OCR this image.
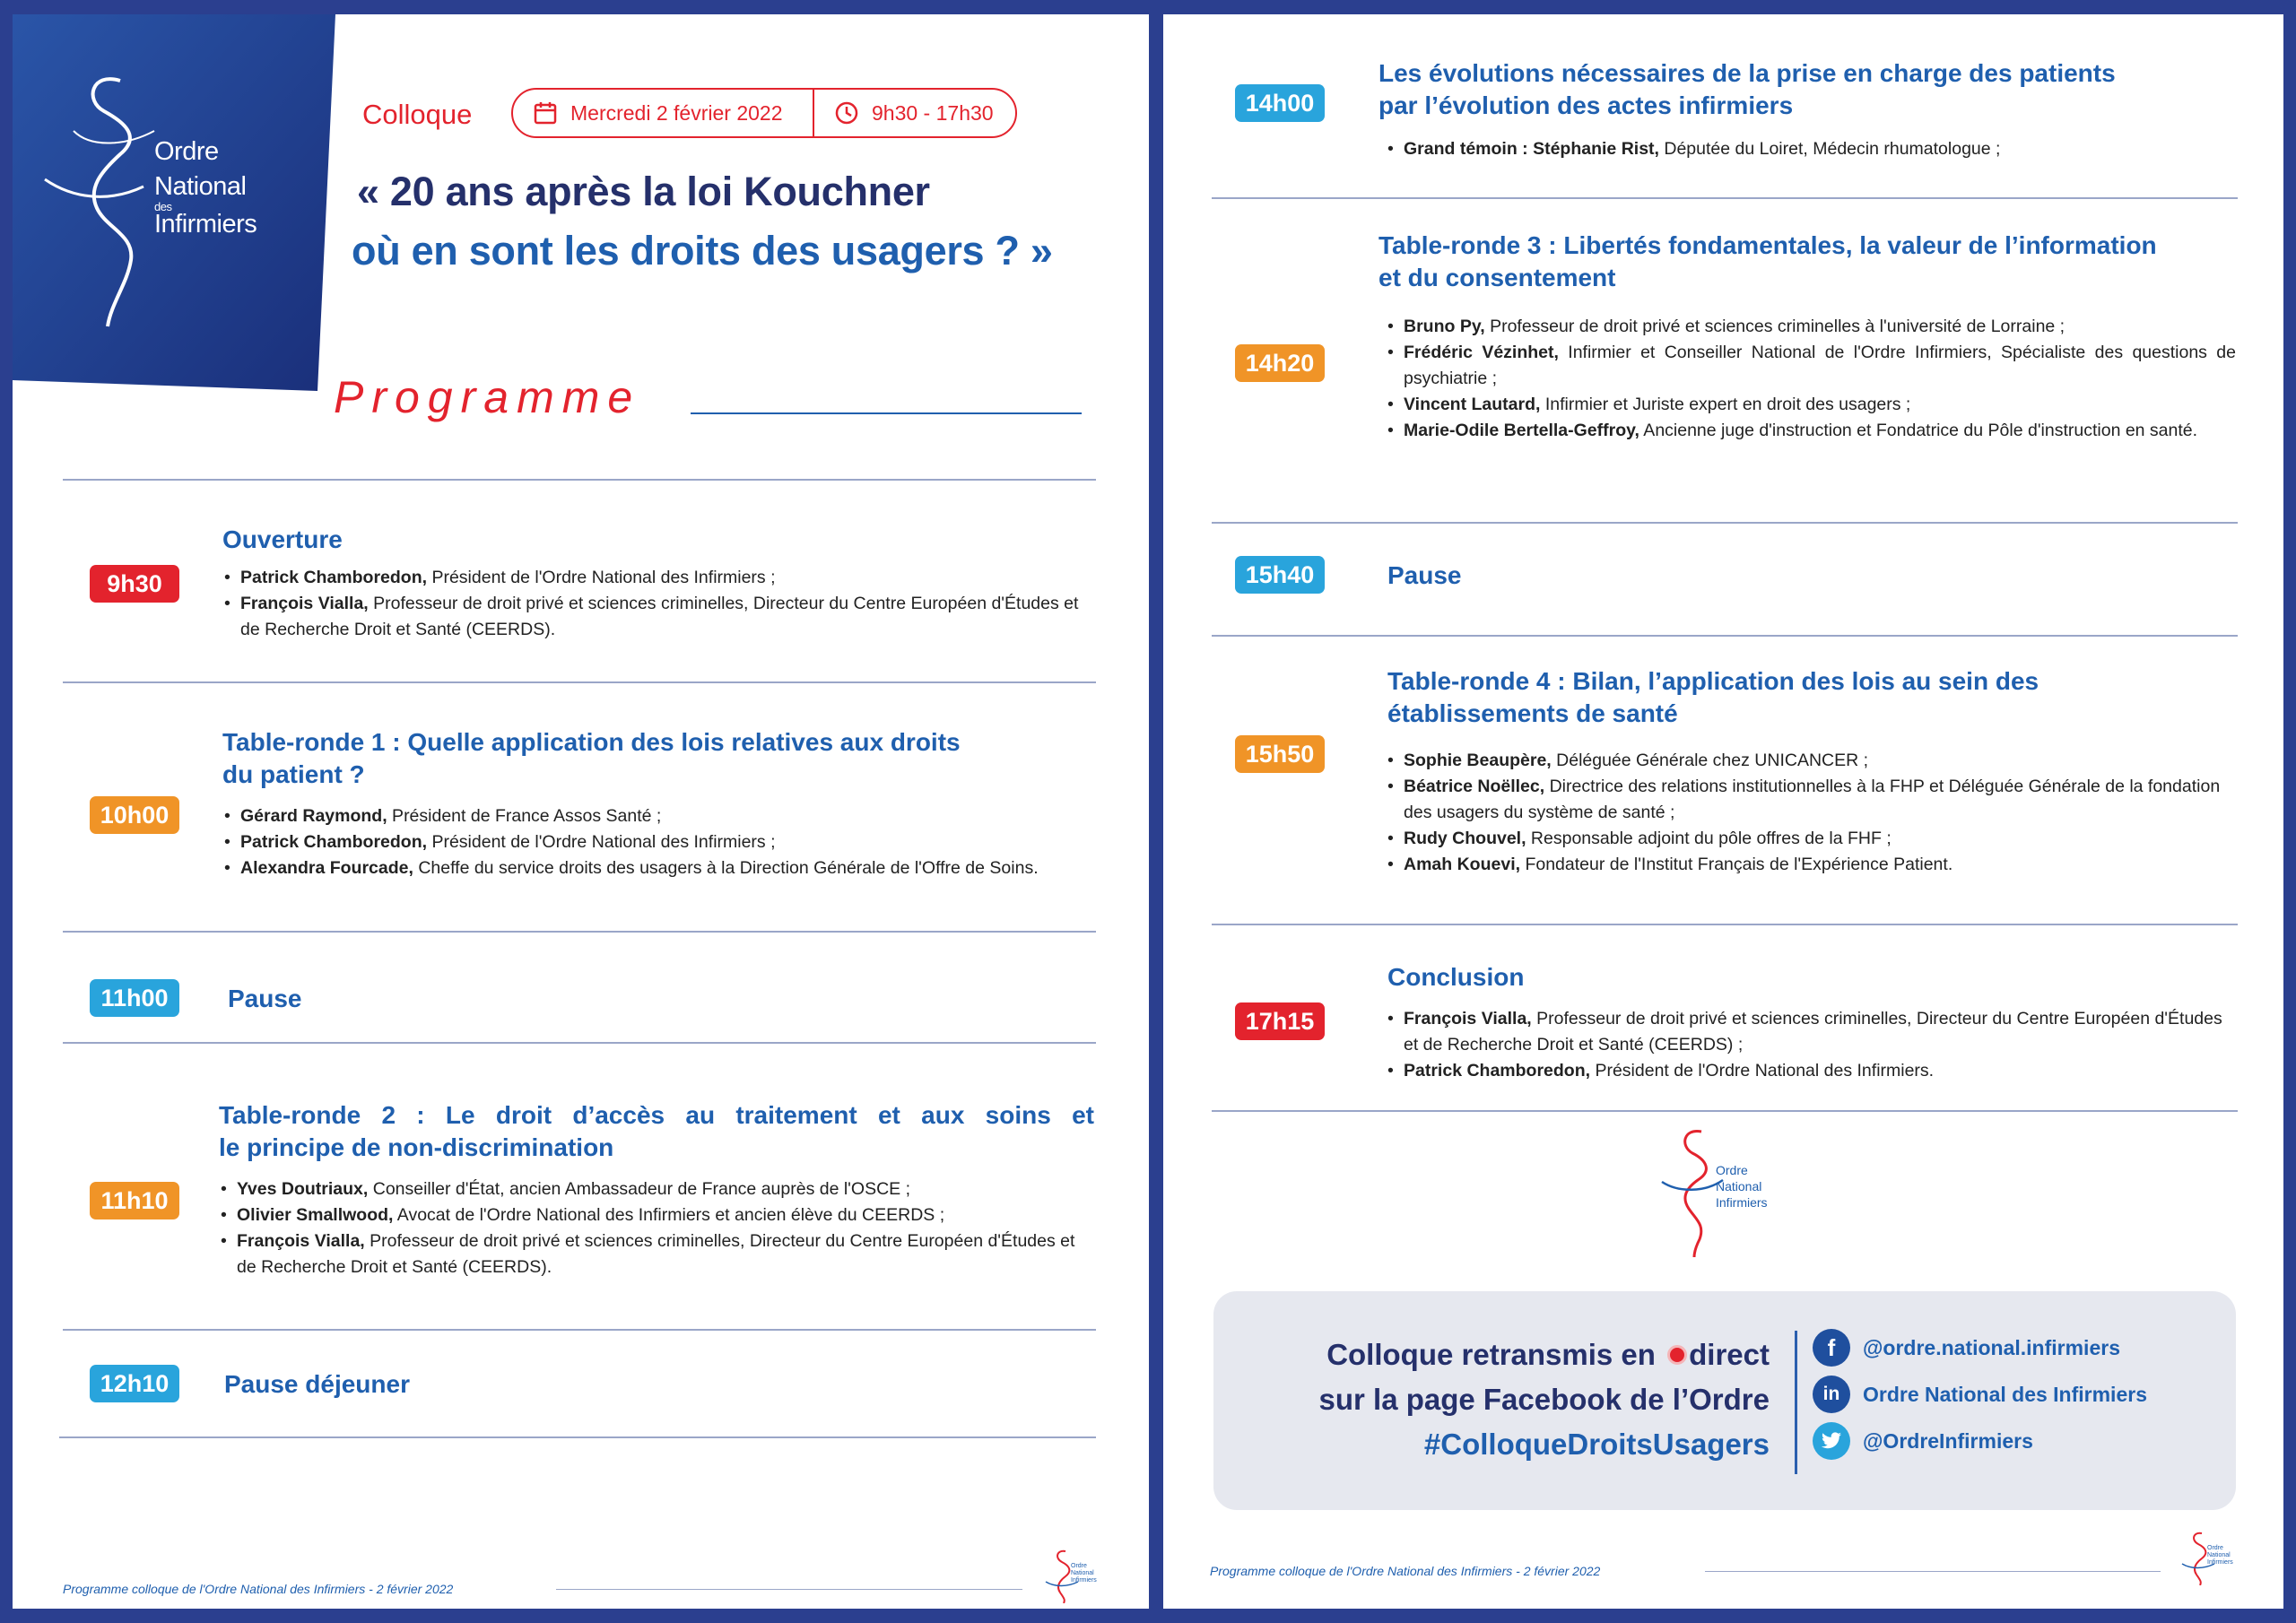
Ordre
National
des
Infirmiers
Colloque	Mercredi 2 février 2022	9h30 - 17h30
« 20 ans après la loi Kouchner
où en sont les droits des usagers ? »
Programme
9h30
Ouverture
• Patrick Chamboredon, Président de l'Ordre National des Infirmiers ;
• François Vialla, Professeur de droit privé et sciences criminelles, Directeur du Centre Européen d'Études et de Recherche Droit et Santé (CEERDS).
10h00
Table-ronde 1 : Quelle application des lois relatives aux droits
du patient ?
• Gérard Raymond, Président de France Assos Santé ;
• Patrick Chamboredon, Président de l'Ordre National des Infirmiers ;
• Alexandra Fourcade, Cheffe du service droits des usagers à la Direction Générale de l'Offre de Soins.
11h00	Pause
11h10
Table-ronde 2 : Le droit d’accès au traitement et aux soins et
le principe de non-discrimination
• Yves Doutriaux, Conseiller d'État, ancien Ambassadeur de France auprès de l'OSCE ;
• Olivier Smallwood, Avocat de l'Ordre National des Infirmiers et ancien élève du CEERDS ;
• François Vialla, Professeur de droit privé et sciences criminelles, Directeur du Centre Européen d'Études et de Recherche Droit et Santé (CEERDS).
12h10	Pause déjeuner
Programme colloque de l'Ordre National des Infirmiers - 2 février 2022
Ordre
National
Infirmiers
14h00
Les évolutions nécessaires de la prise en charge des patients
par l’évolution des actes infirmiers
• Grand témoin : Stéphanie Rist, Députée du Loiret, Médecin rhumatologue ;
14h20
Table-ronde 3 : Libertés fondamentales, la valeur de l’information
et du consentement
• Bruno Py, Professeur de droit privé et sciences criminelles à l'université de Lorraine ;
• Frédéric Vézinhet, Infirmier et Conseiller National de l'Ordre Infirmiers, Spécialiste des questions de psychiatrie ;
• Vincent Lautard, Infirmier et Juriste expert en droit des usagers ;
• Marie-Odile Bertella-Geffroy, Ancienne juge d'instruction et Fondatrice du Pôle d'instruction en santé.
15h40	Pause
15h50
Table-ronde 4 : Bilan, l’application des lois au sein des
établissements de santé
• Sophie Beaupère, Déléguée Générale chez UNICANCER ;
• Béatrice Noëllec, Directrice des relations institutionnelles à la FHP et Déléguée Générale de la fondation des usagers du système de santé ;
• Rudy Chouvel, Responsable adjoint du pôle offres de la FHF ;
• Amah Kouevi, Fondateur de l'Institut Français de l'Expérience Patient.
17h15
Conclusion
• François Vialla, Professeur de droit privé et sciences criminelles, Directeur du Centre Européen d'Études et de Recherche Droit et Santé (CEERDS) ;
• Patrick Chamboredon, Président de l'Ordre National des Infirmiers.
Ordre
National
Infirmiers
Colloque retransmis en direct
sur la page Facebook de l’Ordre
#ColloqueDroitsUsagers
f	@ordre.national.infirmiers
in	Ordre National des Infirmiers
@OrdreInfirmiers
Programme colloque de l'Ordre National des Infirmiers - 2 février 2022
Ordre
National
Infirmiers
